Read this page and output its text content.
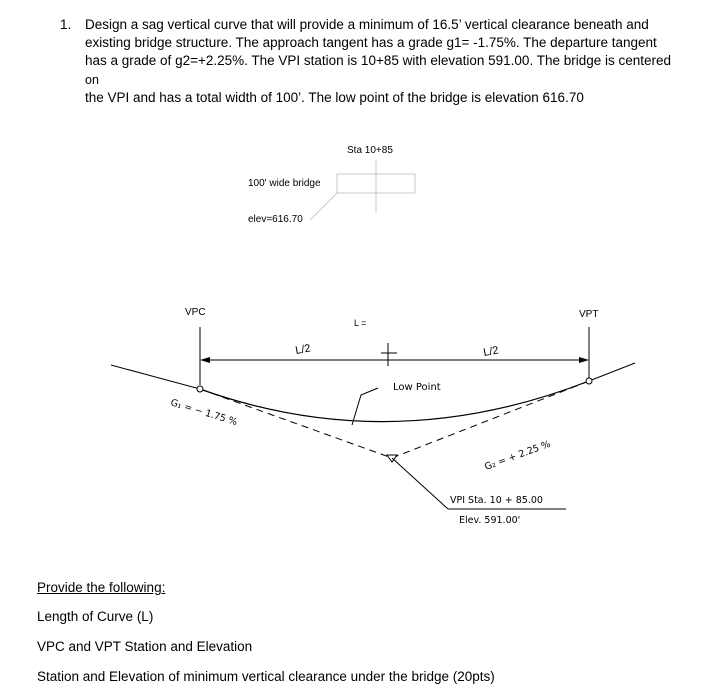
1. Design a sag vertical curve that will provide a minimum of 16.5’ vertical clearance beneath and
existing bridge structure. The approach tangent has a grade g1= -1.75%. The departure tangent
has a grade of g2=+2.25%. The VPI station is 10+85 with elevation 591.00. The bridge is centered
on
the VPI and has a total width of 100’. The low point of the bridge is elevation 616.70
Sta 10+85
100' wide bridge
elev=616.70
VPC	VPT
L =
L/2	L/2
Low Point
G₁ = − 1.75 %
G₂ = + 2.25 %
VPI Sta. 10 + 85.00
Elev. 591.00'
Provide the following:
Length of Curve (L)
VPC and VPT Station and Elevation
Station and Elevation of minimum vertical clearance under the bridge (20pts)
